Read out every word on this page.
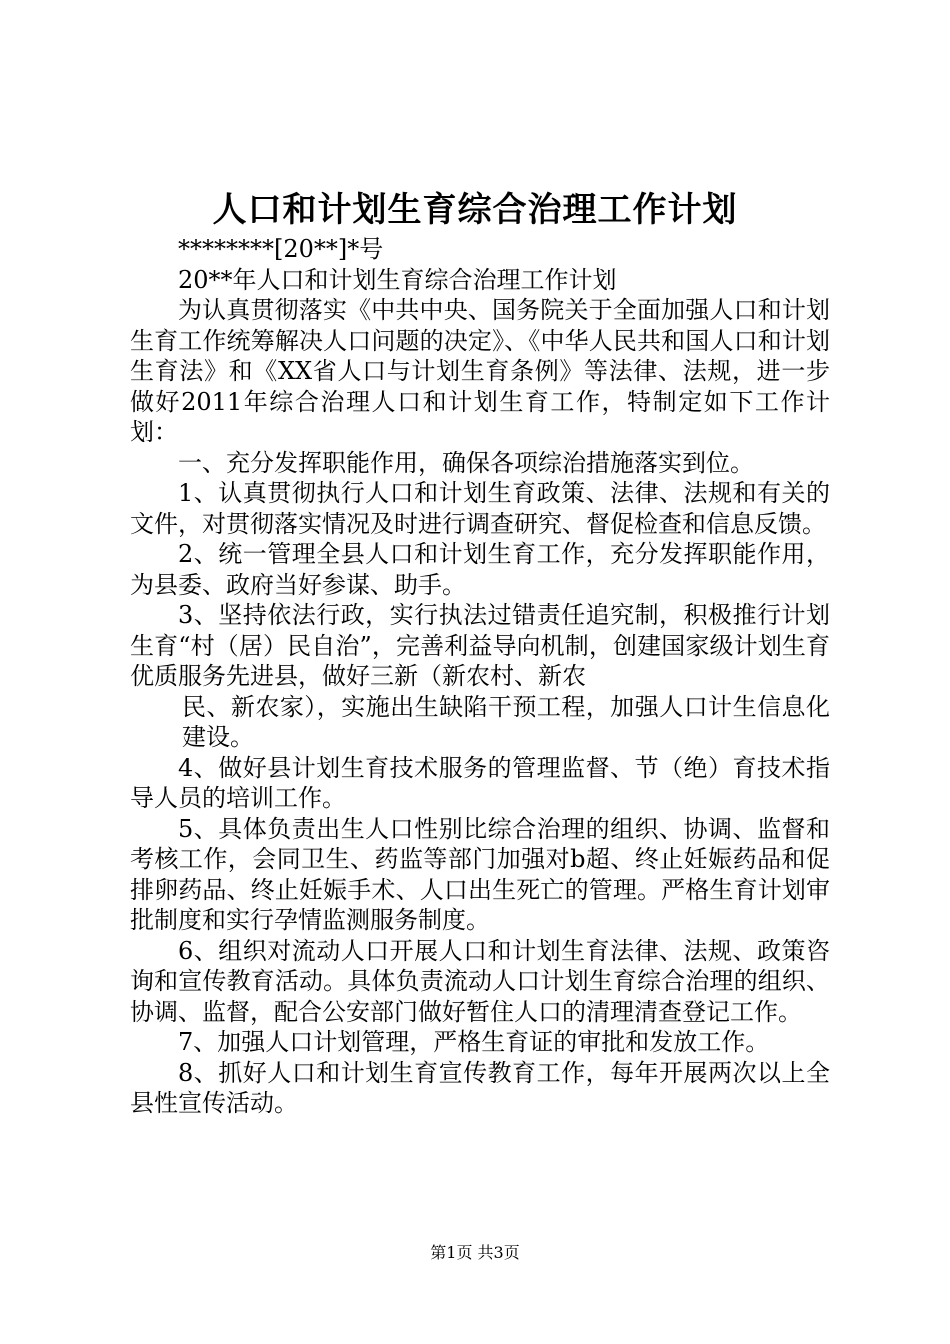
人口和计划生育综合治理工作计划

********[20**]*号

20**年人口和计划生育综合治理工作计划

为认真贯彻落实《中共中央、国务院关于全面加强人口和计划生育工作统筹解决人口问题的决定》、《中华人民共和国人口和计划生育法》和《XX省人口与计划生育条例》等法律、法规，进一步做好2011年综合治理人口和计划生育工作，特制定如下工作计划：

一、充分发挥职能作用，确保各项综治措施落实到位。

1、认真贯彻执行人口和计划生育政策、法律、法规和有关的文件，对贯彻落实情况及时进行调查研究、督促检查和信息反馈。

2、统一管理全县人口和计划生育工作，充分发挥职能作用，为县委、政府当好参谋、助手。

3、坚持依法行政，实行执法过错责任追究制，积极推行计划生育“村（居）民自治”，完善利益导向机制，创建国家级计划生育优质服务先进县，做好三新（新农村、新农

民、新农家），实施出生缺陷干预工程，加强人口计生信息化建设。

4、做好县计划生育技术服务的管理监督、节（绝）育技术指导人员的培训工作。

5、具体负责出生人口性别比综合治理的组织、协调、监督和考核工作，会同卫生、药监等部门加强对b超、终止妊娠药品和促排卵药品、终止妊娠手术、人口出生死亡的管理。严格生育计划审批制度和实行孕情监测服务制度。

6、组织对流动人口开展人口和计划生育法律、法规、政策咨询和宣传教育活动。具体负责流动人口计划生育综合治理的组织、协调、监督，配合公安部门做好暂住人口的清理清查登记工作。

7、加强人口计划管理，严格生育证的审批和发放工作。

8、抓好人口和计划生育宣传教育工作，每年开展两次以上全县性宣传活动。

第1页 共3页
